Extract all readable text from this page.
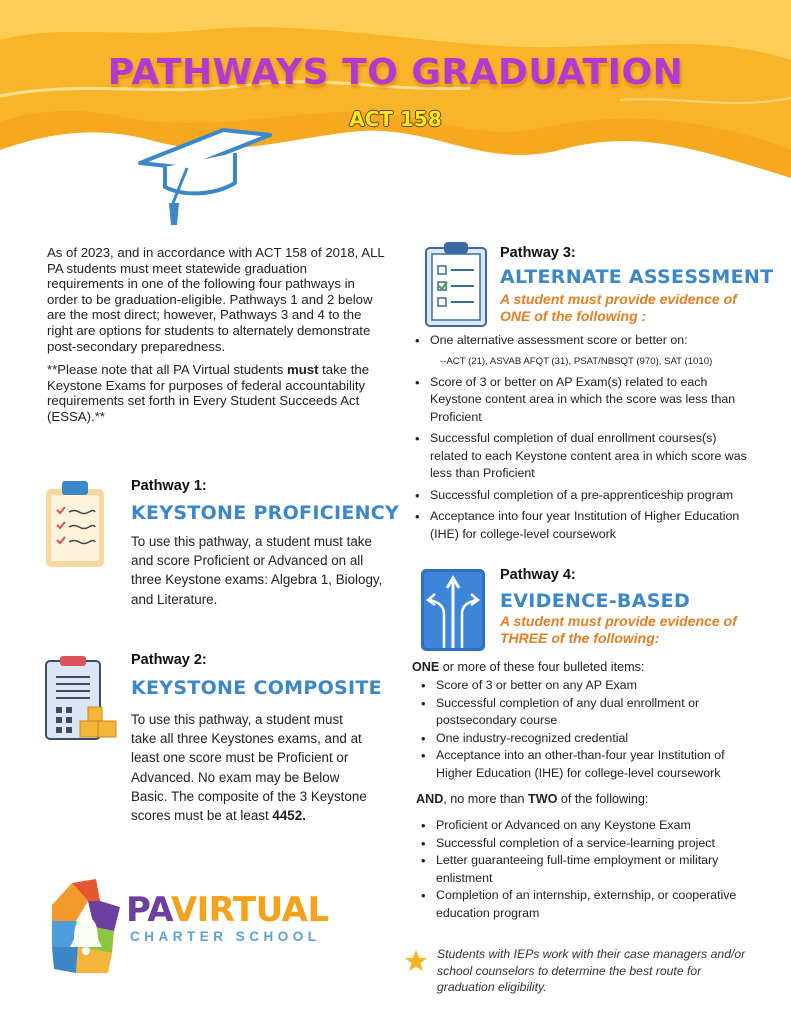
PATHWAYS TO GRADUATION
ACT 158
As of 2023, and in accordance with ACT 158 of 2018, ALL PA students must meet statewide graduation requirements in one of the following four pathways in order to be graduation-eligible. Pathways 1 and 2 below are the most direct; however, Pathways 3 and 4 to the right are options for students to alternately demonstrate post-secondary preparedness.
**Please note that all PA Virtual students must take the Keystone Exams for purposes of federal accountability requirements set forth in Every Student Succeeds Act (ESSA).**
Pathway 1:
KEYSTONE PROFICIENCY
To use this pathway, a student must take and score Proficient or Advanced on all three Keystone exams: Algebra 1, Biology, and Literature.
Pathway 2:
KEYSTONE COMPOSITE
To use this pathway, a student must take all three Keystones exams, and at least one score must be Proficient or Advanced. No exam may be Below Basic. The composite of the 3 Keystone scores must be at least 4452.
Pathway 3:
ALTERNATE ASSESSMENT
A student must provide evidence of
ONE of the following :
• One alternative assessment score or better on:
--ACT (21), ASVAB AFQT (31), PSAT/NBSQT (970), SAT (1010)
• Score of 3 or better on AP Exam(s) related to each Keystone content area in which the score was less than Proficient
• Successful completion of dual enrollment courses(s) related to each Keystone content area in which score was less than Proficient
• Successful completion of a pre-apprenticeship program
• Acceptance into four year Institution of Higher Education (IHE) for college-level coursework
Pathway 4:
EVIDENCE-BASED
A student must provide evidence of
THREE of the following:
ONE or more of these four bulleted items:
• Score of 3 or better on any AP Exam
• Successful completion of any dual enrollment or postsecondary course
• One industry-recognized credential
• Acceptance into an other-than-four year Institution of Higher Education (IHE) for college-level coursework
AND, no more than TWO of the following:
• Proficient or Advanced on any Keystone Exam
• Successful completion of a service-learning project
• Letter guaranteeing full-time employment or military enlistment
• Completion of an internship, externship, or cooperative education program
PAVIRTUAL
CHARTER SCHOOL
Students with IEPs work with their case managers and/or school counselors to determine the best route for graduation eligibility.
